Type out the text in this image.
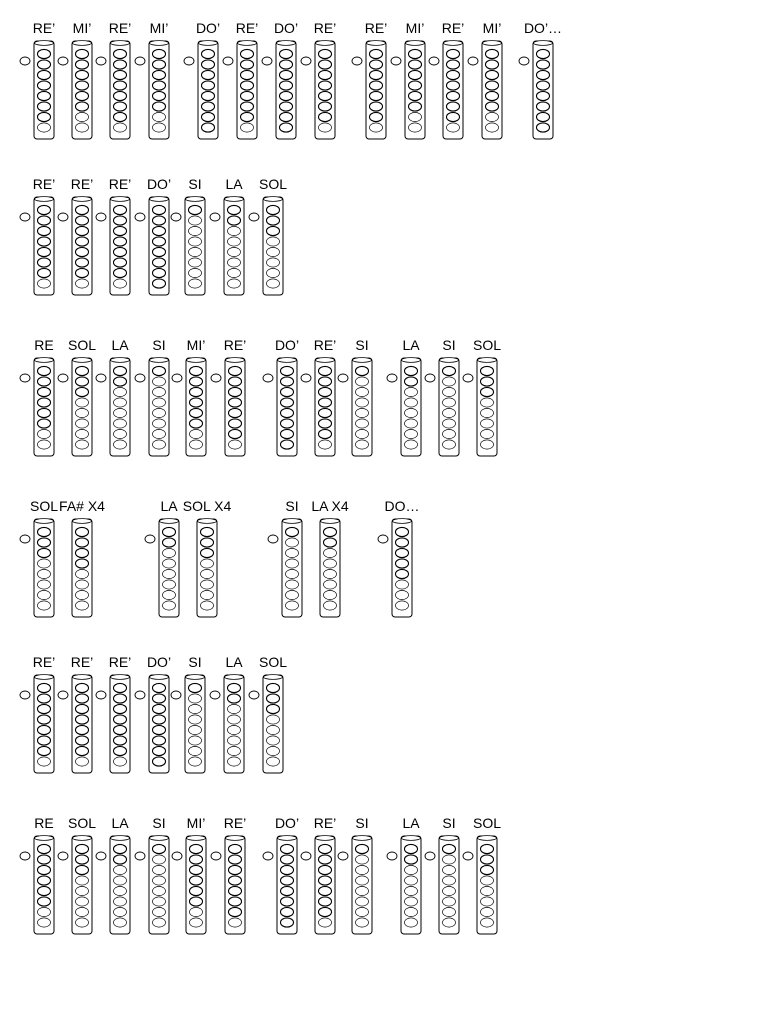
RE’ MI’ RE’ MI’ DO’ RE’ DO’ RE’ RE’ MI’ RE’ MI’ DO’…
RE’ RE’ RE’ DO’ SI LA SOL
RE SOL LA SI MI’ RE’ DO’ RE’ SI LA SI SOL
SOL FA# X4	LA SOL X4	SI LA X4	DO…
RE’ RE’ RE’ DO’ SI LA SOL
RE SOL LA SI MI’ RE’ DO’ RE’ SI LA SI SOL
